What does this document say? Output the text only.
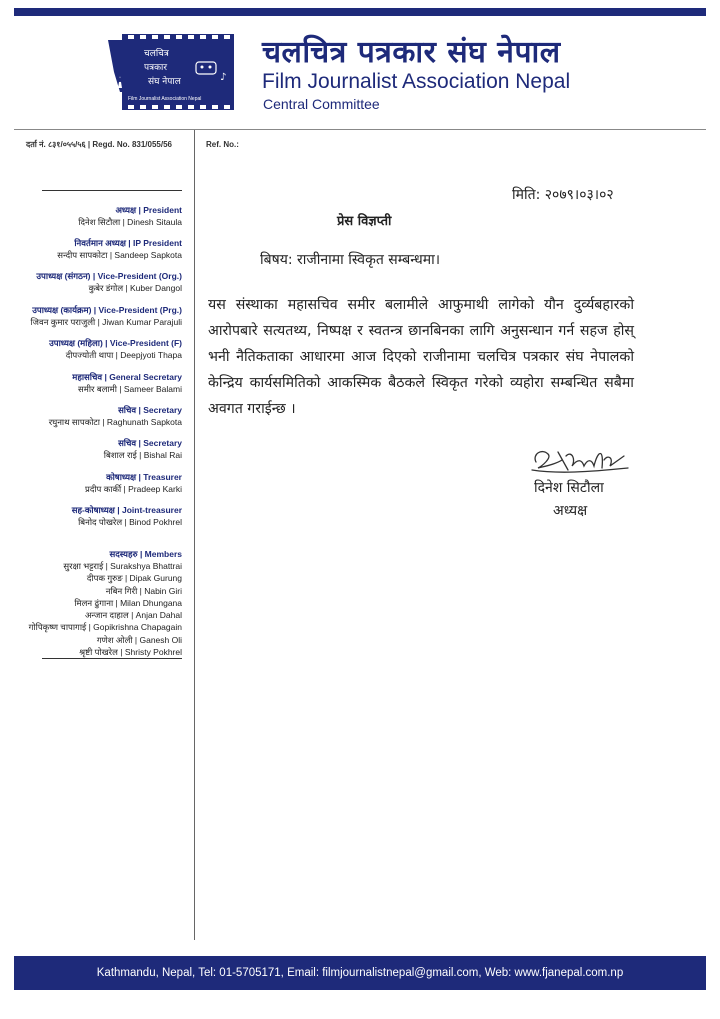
चलचित्र
पत्रकार
संघ नेपाल
Film Journalist Association Nepal
♪
चलचित्र पत्रकार संघ नेपाल
Film Journalist Association Nepal
Central Committee
दर्ता नं. ८३१/०५५/५६ | Regd. No. 831/055/56	Ref. No.:
अध्यक्ष | President
दिनेश सिटौला | Dinesh Sitaula
निवर्तमान अध्यक्ष | IP President
सन्दीप सापकोटा | Sandeep Sapkota
उपाध्यक्ष (संगठन) | Vice-President (Org.)
कुबेर डंगोल | Kuber Dangol
उपाध्यक्ष (कार्यक्रम) | Vice-President (Prg.)
जिवन कुमार पराजुली | Jiwan Kumar Parajuli
उपाध्यक्ष (महिला) | Vice-President (F)
दीपज्योती थापा | Deepjyoti Thapa
महासचिव | General Secretary
समीर बलामी | Sameer Balami
सचिव | Secretary
रघुनाथ सापकोटा | Raghunath Sapkota
सचिव | Secretary
बिशाल राई | Bishal Rai
कोषाध्यक्ष | Treasurer
प्रदीप कार्की | Pradeep Karki
सह-कोषाध्यक्ष | Joint-treasurer
बिनोद पोखरेल | Binod Pokhrel
सदस्यहरु | Members
सुरक्षा भट्टराई | Surakshya Bhattrai
दीपक गुरुङ | Dipak Gurung
नबिन गिरी | Nabin Giri
मिलन ढुंगाना | Milan Dhungana
अन्जान दाहाल | Anjan Dahal
गोपिकृष्ण चापागाई | Gopikrishna Chapagain
गणेश ओली | Ganesh Oli
श्रृष्टी पोखरेल | Shristy Pokhrel
मिति: २०७९।०३।०२
प्रेस विज्ञप्ती
बिषय: राजीनामा स्विकृत सम्बन्धमा।
यस संस्थाका महासचिव समीर बलामीले आफुमाथी लागेको यौन दुर्व्यबहारको आरोपबारे सत्यतथ्य, निष्पक्ष र स्वतन्त्र छानबिनका लागि अनुसन्धान गर्न सहज होस् भनी नैतिकताका आधारमा आज दिएको राजीनामा चलचित्र पत्रकार संघ नेपालको केन्द्रिय कार्यसमितिको आकस्मिक बैठकले स्विकृत गरेको व्यहोरा सम्बन्धित सबैमा अवगत गराईन्छ ।
दिनेश सिटौला
अध्यक्ष
Kathmandu, Nepal, Tel: 01-5705171, Email: filmjournalistnepal@gmail.com, Web: www.fjanepal.com.np
